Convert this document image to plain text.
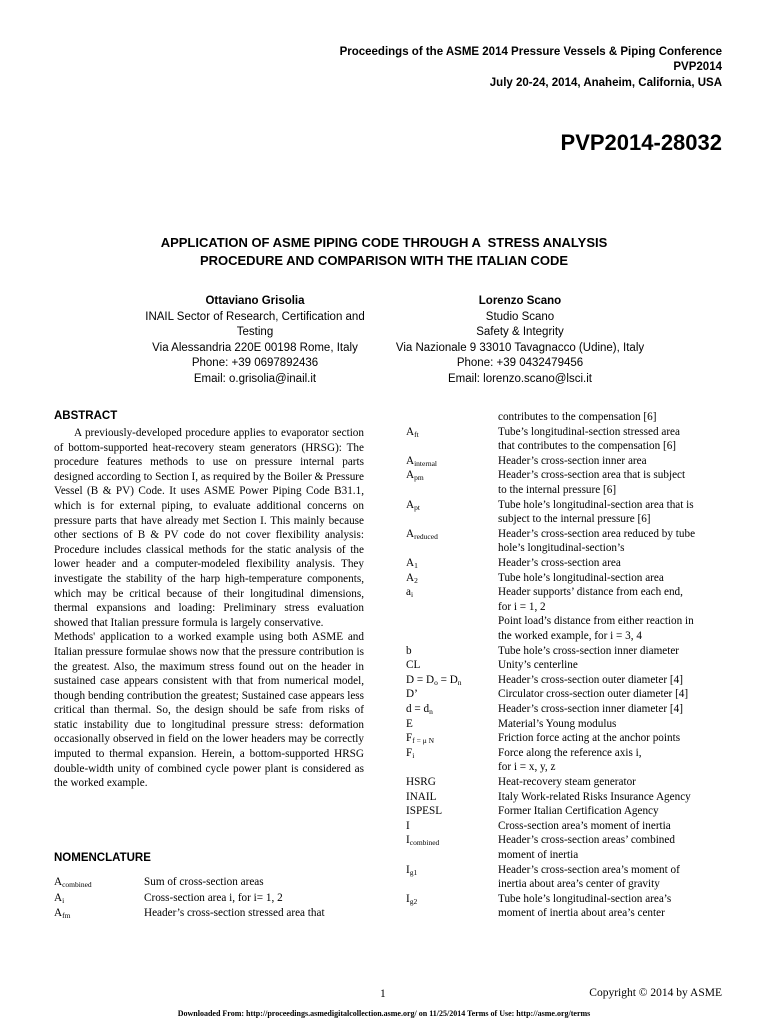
Proceedings of the ASME 2014 Pressure Vessels & Piping Conference
PVP2014
July 20-24, 2014, Anaheim, California, USA
PVP2014-28032
APPLICATION OF ASME PIPING CODE THROUGH A  STRESS ANALYSIS
PROCEDURE AND COMPARISON WITH THE ITALIAN CODE
Ottaviano Grisolia
INAIL Sector of Research, Certification and
Testing
Via Alessandria 220E 00198 Rome, Italy
Phone: +39 0697892436
Email: o.grisolia@inail.it
Lorenzo Scano
Studio Scano
Safety & Integrity
Via Nazionale 9 33010 Tavagnacco (Udine), Italy
Phone: +39 0432479456
Email: lorenzo.scano@lsci.it
ABSTRACT

A previously-developed procedure applies to evaporator section of bottom-supported heat-recovery steam generators (HRSG): The procedure features methods to use on pressure internal parts designed according to Section I, as required by the Boiler & Pressure Vessel (B & PV) Code. It uses ASME Power Piping Code B31.1, which is for external piping, to evaluate additional concerns on pressure parts that have already met Section I. This mainly because other sections of B & PV code do not cover flexibility analysis: Procedure includes classical methods for the static analysis of the lower header and a computer-modeled flexibility analysis. They investigate the stability of the harp high-temperature components, which may be critical because of their longitudinal dimensions, thermal expansions and loading: Preliminary stress evaluation showed that Italian pressure formula is largely conservative.

Methods' application to a worked example using both ASME and Italian pressure formulae shows now that the pressure contribution is the greatest. Also, the maximum stress found out on the header in sustained case appears consistent with that from numerical model, though bending contribution the greatest; Sustained case appears less critical than thermal. So, the design should be safe from risks of static instability due to longitudinal pressure stress: deformation occasionally observed in field on the lower headers may be correctly imputed to thermal expansion. Herein, a bottom-supported HRSG double-width unity of combined cycle power plant is considered as the worked example.

NOMENCLATURE
1	Copyright © 2014 by ASME
Downloaded From: http://proceedings.asmedigitalcollection.asme.org/ on 11/25/2014 Terms of Use: http://asme.org/terms
$A_{combined}$	Sum of cross-section areas
$A_i$	Cross-section area i, for i= 1, 2
$A_{fm}$	Header’s cross-section stressed area that
contributes to the compensation [6]
$A_{ft}$	Tube’s longitudinal-section stressed area
that contributes to the compensation [6]
$A_{internal}$	Header’s cross-section inner area
$A_{pm}$	Header’s cross-section area that is subject
to the internal pressure [6]
$A_{pt}$	Tube hole’s longitudinal-section area that is
subject to the internal pressure [6]
$A_{reduced}$	Header’s cross-section area reduced by tube
hole’s longitudinal-section’s
$A_1$	Header’s cross-section area
$A_2$	Tube hole’s longitudinal-section area
$a_i$	Header supports’ distance from each end,
for i = 1, 2
Point load’s distance from either reaction in
the worked example, for i = 3, 4
b	Tube hole’s cross-section inner diameter
CL	Unity’s centerline
$D = D_o = D_n$	Header’s cross-section outer diameter [4]
D’	Circulator cross-section outer diameter [4]
$d = d_n$	Header’s cross-section inner diameter [4]
E	Material’s Young modulus
$F_{f = \mu N}$	Friction force acting at the anchor points
$F_i$	Force along the reference axis i,
for i = x, y, z
HSRG	Heat-recovery steam generator
INAIL	Italy Work-related Risks Insurance Agency
ISPESL	Former Italian Certification Agency
I	Cross-section area’s moment of inertia
$I_{combined}$	Header’s cross-section areas’ combined
moment of inertia
$I_{g1}$	Header’s cross-section area’s moment of
inertia about area’s center of gravity
$I_{g2}$	Tube hole’s longitudinal-section area’s
moment of inertia about area’s center
